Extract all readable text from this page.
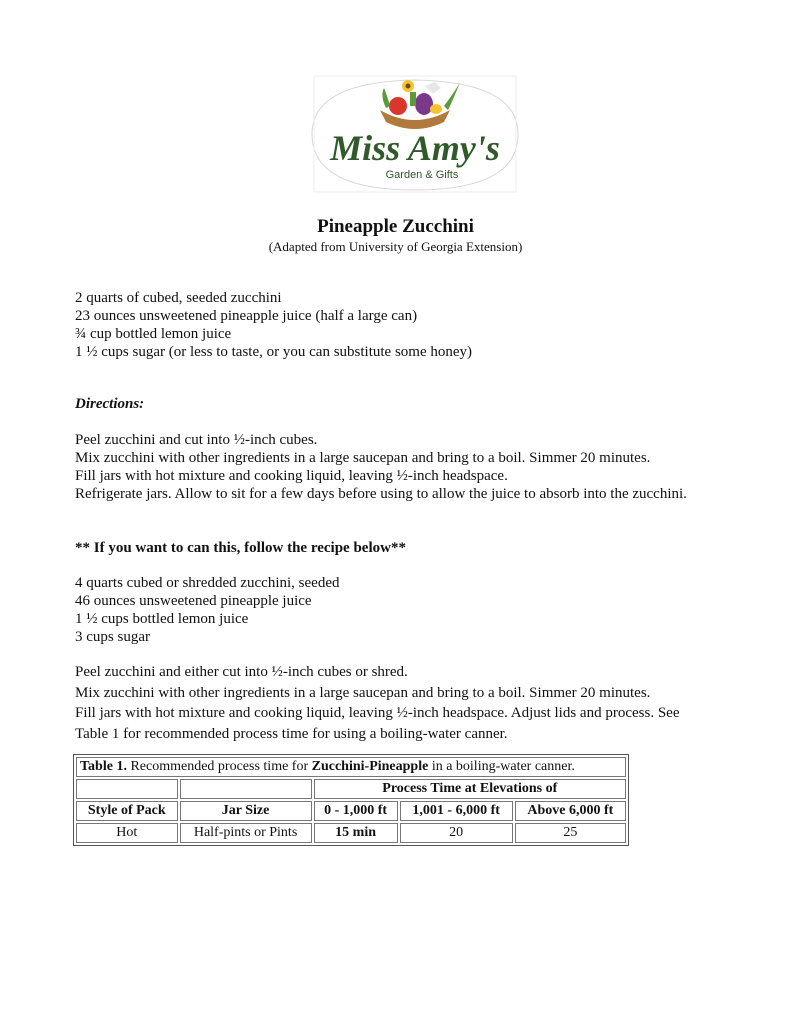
Miss Amy's
Garden & Gifts
Pineapple Zucchini
(Adapted from University of Georgia Extension)
2 quarts of cubed, seeded zucchini
23 ounces unsweetened pineapple juice (half a large can)
¾ cup bottled lemon juice
1 ½ cups sugar (or less to taste, or you can substitute some honey)
Directions:
Peel zucchini and cut into ½-inch cubes.
Mix zucchini with other ingredients in a large saucepan and bring to a boil. Simmer 20 minutes.
Fill jars with hot mixture and cooking liquid, leaving ½-inch headspace.
Refrigerate jars. Allow to sit for a few days before using to allow the juice to absorb into the zucchini.
** If you want to can this, follow the recipe below**
4 quarts cubed or shredded zucchini, seeded
46 ounces unsweetened pineapple juice
1 ½ cups bottled lemon juice
3 cups sugar
Peel zucchini and either cut into ½-inch cubes or shred.
Mix zucchini with other ingredients in a large saucepan and bring to a boil. Simmer 20 minutes.
Fill jars with hot mixture and cooking liquid, leaving ½-inch headspace. Adjust lids and process. See Table 1 for recommended process time for using a boiling-water canner.
Table 1. Recommended process time for Zucchini-Pineapple in a boiling-water canner.				
		Process Time at Elevations of		
Style of Pack	Jar Size	0 - 1,000 ft	1,001 - 6,000 ft	Above 6,000 ft
Hot	Half-pints or Pints	15 min	20	25
